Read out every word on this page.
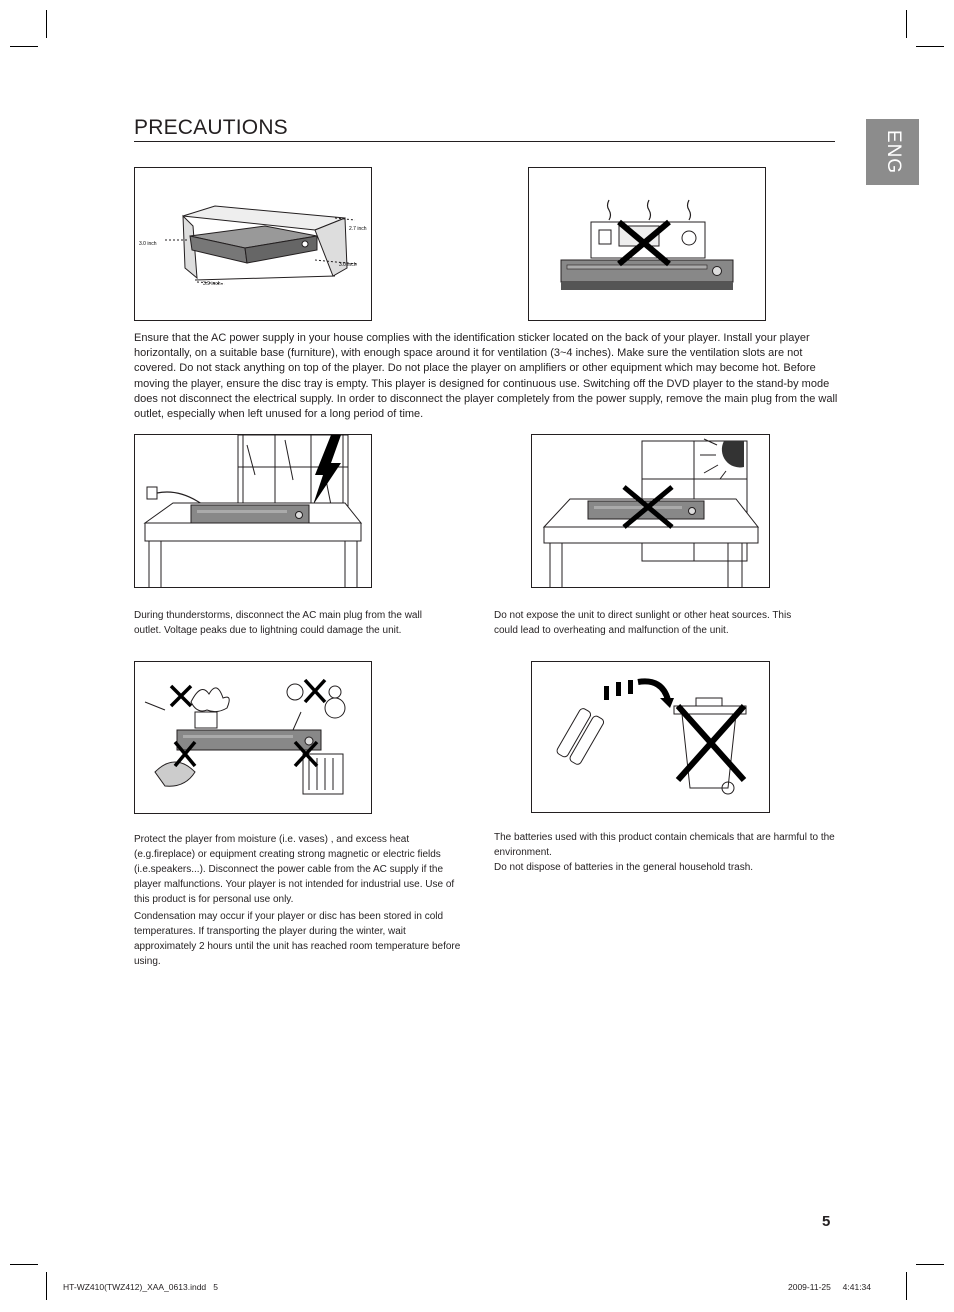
PRECAUTIONS
ENG
2.7 inch
3.0 inch
3.0 inch
3.9 inch

Ensure that the AC power supply in your house complies with the identification sticker located on the back of your player. Install your player horizontally, on a suitable base (furniture), with enough space around it for ventilation (3~4 inches). Make sure the ventilation slots are not covered. Do not stack anything on top of the player. Do not place the player on amplifiers or other equipment which may become hot. Before moving the player, ensure the disc tray is empty. This player is designed for continuous use. Switching off the DVD player to the stand-by mode does not disconnect the electrical supply. In order to disconnect the player completely from the power supply, remove the main plug from the wall outlet, especially when left unused for a long period of time.

During thunderstorms, disconnect the AC main plug from the wall outlet. Voltage peaks due to lightning could damage the unit.

Do not expose the unit to direct sunlight or other heat sources. This could lead to overheating and malfunction of the unit.

Protect the player from moisture (i.e. vases) , and excess heat (e.g.fireplace) or equipment creating strong magnetic or electric fields (i.e.speakers...). Disconnect the power cable from the AC supply if the player malfunctions. Your player is not intended for industrial use. Use of this product is for personal use only.

Condensation may occur if your player or disc has been stored in cold temperatures. If transporting the player during the winter, wait approximately 2 hours until the unit has reached room temperature before using.

The batteries used with this product contain chemicals that are harmful to the environment.

Do not dispose of batteries in the general household trash.

5
HT-WZ410(TWZ412)_XAA_0613.indd   5	2009-11-25     4:41:34
